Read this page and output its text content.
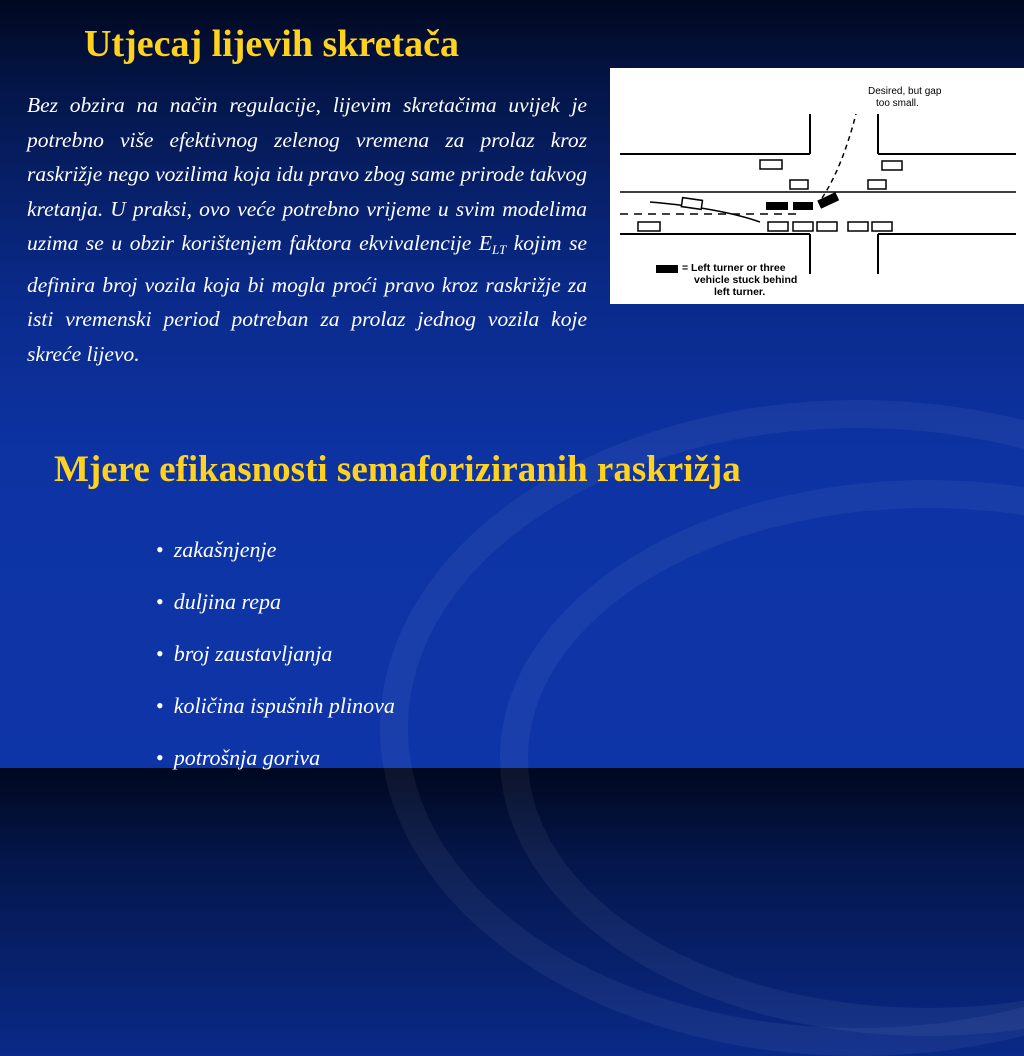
Utjecaj lijevih skretača

Bez obzira na način regulacije, lijevim skretačima uvijek je potrebno više efektivnog zelenog vremena za prolaz kroz raskrižje nego vozilima koja idu pravo zbog same prirode takvog kretanja. U praksi, ovo veće potrebno vrijeme u svim modelima uzima se u obzir korištenjem faktora ekvivalencije $E_{LT}$ kojim se definira broj vozila koja bi mogla proći pravo kroz raskrižje za isti vremenski period potreban za prolaz jednog vozila koje skreće lijevo.

Desired, but gap
too small.
= Left turner or three
vehicle stuck behind
left turner.
Mjere efikasnosti semaforiziranih raskrižja
• zakašnjenje
• duljina repa
• broj zaustavljanja
• količina ispušnih plinova
• potrošnja goriva
